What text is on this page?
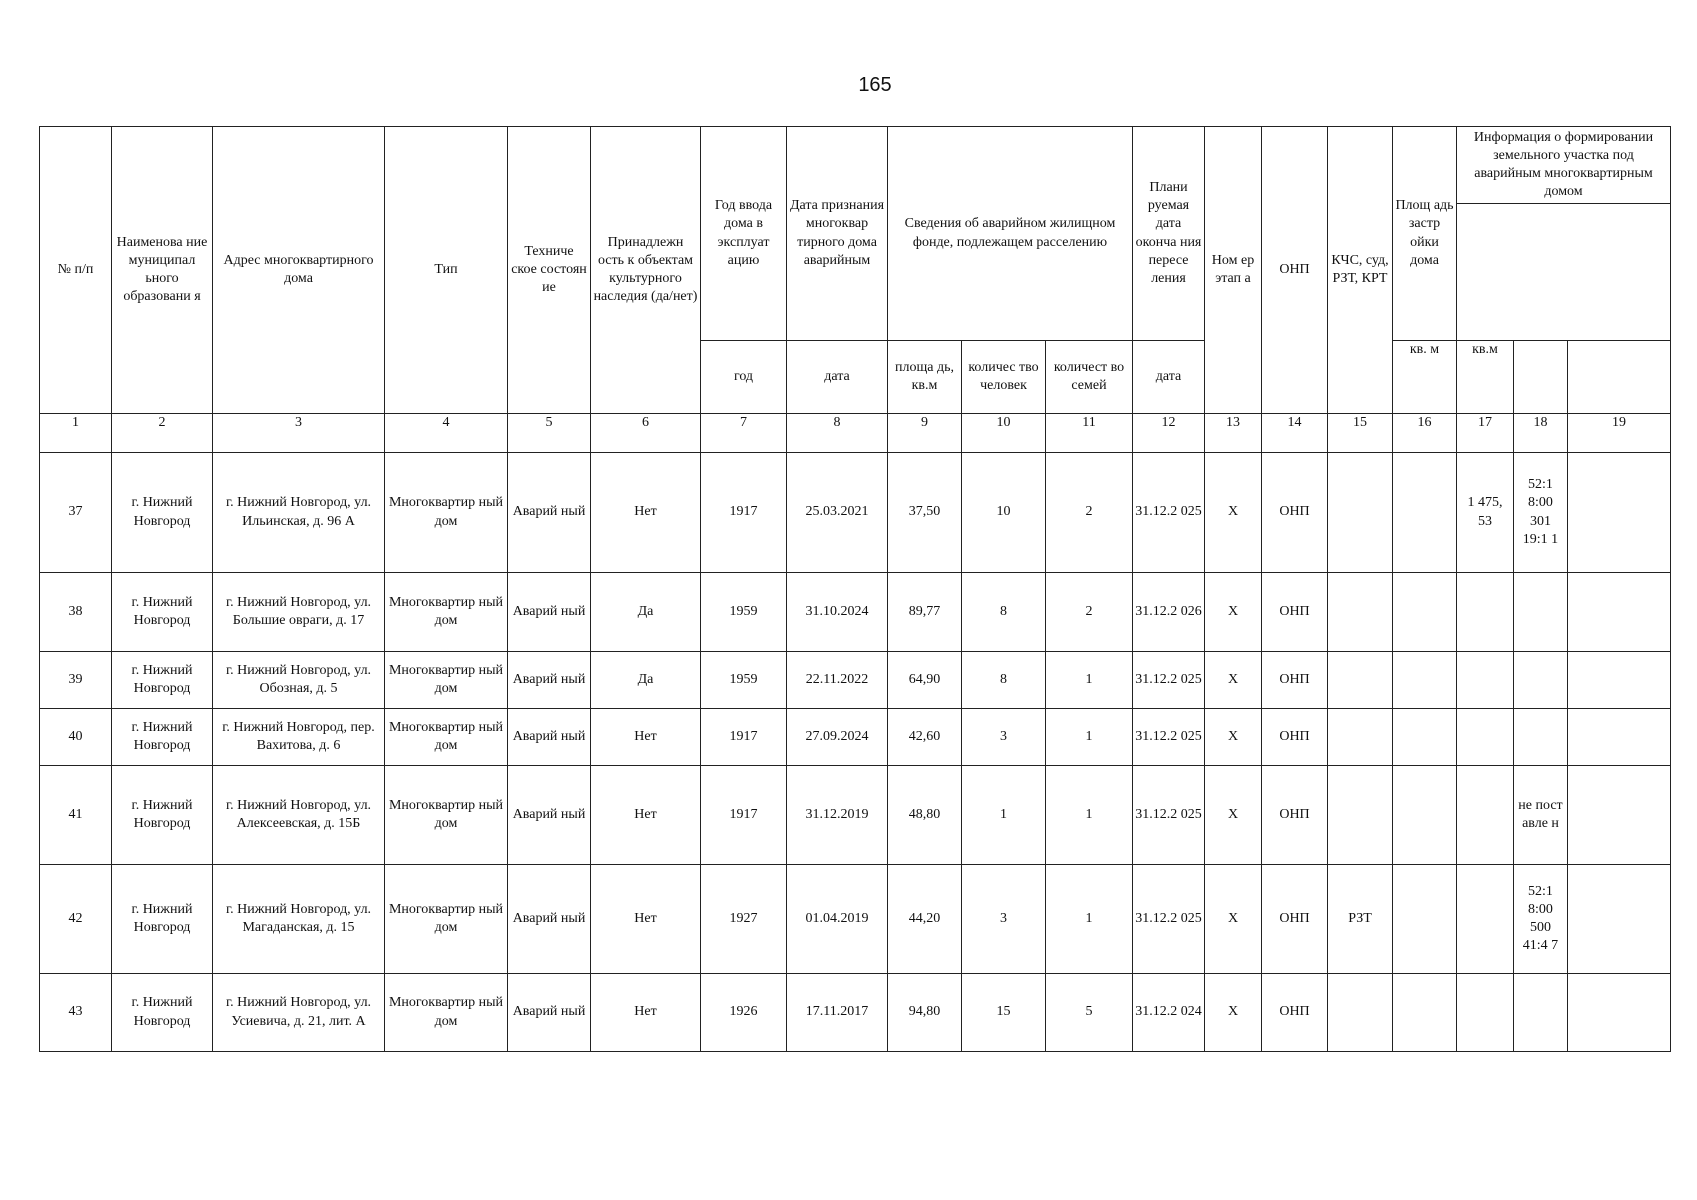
165
№ п/п	Наименова ние муниципал ьного образовани я	Адрес многоквартирного дома	Тип	Техниче ское состоян ие	Принадлежн ость к объектам культурного наследия (да/нет)	Год ввода дома в эксплуат ацию	Дата признания многоквар тирного дома аварийным	Сведения об аварийном жилищном фонде, подлежащем расселению			Плани руемая дата оконча ния пересе ления	Ном ер этап а	ОНП	КЧС, суд, РЗТ, КРТ	Площ адь застр ойки дома	Информация о формировании земельного участка под аварийным многоквартирным домом		

						год	дата	площа дь, кв.м	количес тво человек	количест во семей	дата				кв. м	кв.м		
1	2	3	4	5	6	7	8	9	10	11	12	13	14	15	16	17	18	19
37	г. Нижний Новгород	г. Нижний Новгород, ул. Ильинская, д. 96 А	Многоквартир ный дом	Аварий ный	Нет	1917	25.03.2021	37,50	10	2	31.12.2 025	Х	ОНП			1 475, 53	52:1 8:00 301 19:1 1	
38	г. Нижний Новгород	г. Нижний Новгород, ул. Большие овраги, д. 17	Многоквартир ный дом	Аварий ный	Да	1959	31.10.2024	89,77	8	2	31.12.2 026	Х	ОНП					
39	г. Нижний Новгород	г. Нижний Новгород, ул. Обозная, д. 5	Многоквартир ный дом	Аварий ный	Да	1959	22.11.2022	64,90	8	1	31.12.2 025	Х	ОНП					
40	г. Нижний Новгород	г. Нижний Новгород, пер. Вахитова, д. 6	Многоквартир ный дом	Аварий ный	Нет	1917	27.09.2024	42,60	3	1	31.12.2 025	Х	ОНП					
41	г. Нижний Новгород	г. Нижний Новгород, ул. Алексеевская, д. 15Б	Многоквартир ный дом	Аварий ный	Нет	1917	31.12.2019	48,80	1	1	31.12.2 025	Х	ОНП				не пост авле н	
42	г. Нижний Новгород	г. Нижний Новгород, ул. Магаданская, д. 15	Многоквартир ный дом	Аварий ный	Нет	1927	01.04.2019	44,20	3	1	31.12.2 025	Х	ОНП	РЗТ			52:1 8:00 500 41:4 7	
43	г. Нижний Новгород	г. Нижний Новгород, ул. Усиевича, д. 21, лит. А	Многоквартир ный дом	Аварий ный	Нет	1926	17.11.2017	94,80	15	5	31.12.2 024	Х	ОНП					
